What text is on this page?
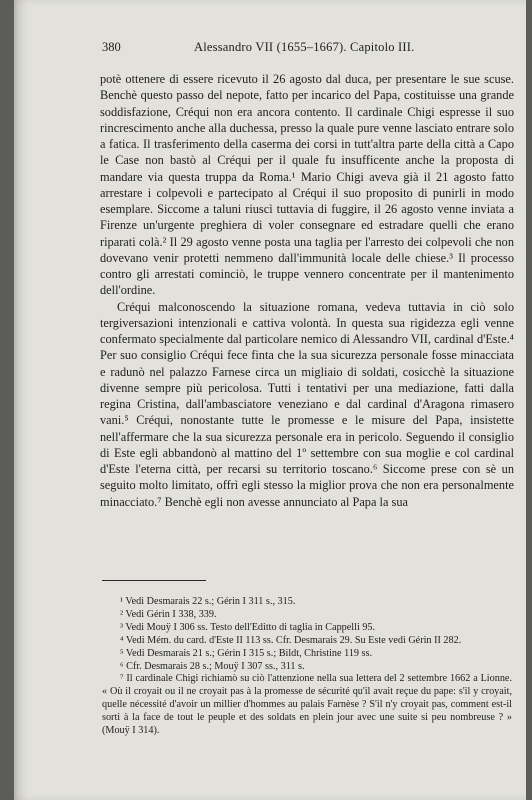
380	Alessandro VII (1655–1667). Capitolo III.

potè ottenere di essere ricevuto il 26 agosto dal duca, per presentare le sue scuse. Benchè questo passo del nepote, fatto per incarico del Papa, costituisse una grande soddisfazione, Créqui non era ancora contento. Il cardinale Chigi espresse il suo rincrescimento anche alla duchessa, presso la quale pure venne lasciato entrare solo a fatica. Il trasferimento della caserma dei corsi in tutt'altra parte della città a Capo le Case non bastò al Créqui per il quale fu insufficente anche la proposta di mandare via questa truppa da Roma.¹ Mario Chigi aveva già il 21 agosto fatto arrestare i colpevoli e partecipato al Créqui il suo proposito di punirli in modo esemplare. Siccome a taluni riuscì tuttavia di fuggire, il 26 agosto venne inviata a Firenze un'urgente preghiera di voler consegnare ed estradare quelli che erano riparati colà.² Il 29 agosto venne posta una taglia per l'arresto dei colpevoli che non dovevano venir protetti nemmeno dall'immunità locale delle chiese.³ Il processo contro gli arrestati cominciò, le truppe vennero concentrate per il mantenimento dell'ordine.

Créqui malconoscendo la situazione romana, vedeva tuttavia in ciò solo tergiversazioni intenzionali e cattiva volontà. In questa sua rigidezza egli venne confermato specialmente dal particolare nemico di Alessandro VII, cardinal d'Este.⁴ Per suo consiglio Créqui fece finta che la sua sicurezza personale fosse minacciata e radunò nel palazzo Farnese circa un migliaio di soldati, cosicchè la situazione divenne sempre più pericolosa. Tutti i tentativi per una mediazione, fatti dalla regina Cristina, dall'ambasciatore veneziano e dal cardinal d'Aragona rimasero vani.⁵ Créqui, nonostante tutte le promesse e le misure del Papa, insistette nell'affermare che la sua sicurezza personale era in pericolo. Seguendo il consiglio di Este egli abbandonò al mattino del 1º settembre con sua moglie e col cardinal d'Este l'eterna città, per recarsi su territorio toscano.⁶ Siccome prese con sè un seguito molto limitato, offrì egli stesso la miglior prova che non era personalmente minacciato.⁷ Benchè egli non avesse annunciato al Papa la sua

¹ Vedi Desmarais 22 s.; Gérin I 311 s., 315.

² Vedi Gérin I 338, 339.

³ Vedi Mouÿ I 306 ss. Testo dell'Editto di taglia in Cappelli 95.

⁴ Vedi Mém. du card. d'Este II 113 ss. Cfr. Desmarais 29. Su Este vedi Gérin II 282.

⁵ Vedi Desmarais 21 s.; Gérin I 315 s.; Bildt, Christine 119 ss.

⁶ Cfr. Desmarais 28 s.; Mouÿ I 307 ss., 311 s.

⁷ Il cardinale Chigi richiamò su ciò l'attenzione nella sua lettera del 2 settembre 1662 a Lionne. « Où il croyait ou il ne croyait pas à la promesse de sécurité qu'il avait reçue du pape: s'il y croyait, quelle nécessité d'avoir un millier d'hommes au palais Farnèse ? S'il n'y croyait pas, comment est-il sorti à la face de tout le peuple et des soldats en plein jour avec une suite si peu nombreuse ? » (Mouÿ I 314).
